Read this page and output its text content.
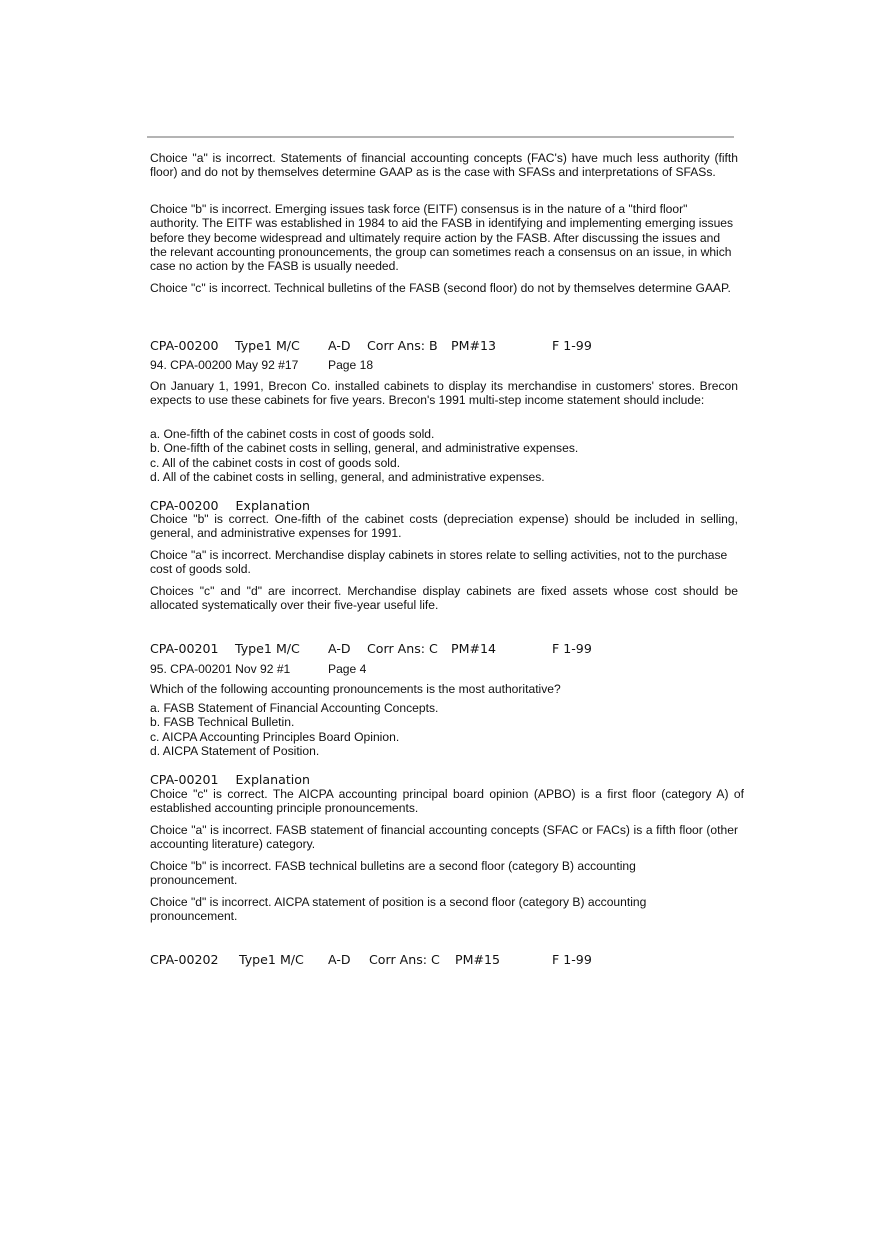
Choice "a" is incorrect. Statements of financial accounting concepts (FAC's) have much less authority (fifth floor) and do not by themselves determine GAAP as is the case with SFASs and interpretations of SFASs.
Choice "b" is incorrect. Emerging issues task force (EITF) consensus is in the nature of a "third floor" authority. The EITF was established in 1984 to aid the FASB in identifying and implementing emerging issues before they become widespread and ultimately require action by the FASB. After discussing the issues and the relevant accounting pronouncements, the group can sometimes reach a consensus on an issue, in which case no action by the FASB is usually needed.
Choice "c" is incorrect. Technical bulletins of the FASB (second floor) do not by themselves determine GAAP.
CPA-00200 Type1 M/C A-D Corr Ans: B PM#13	F 1-99
94. CPA-00200 May 92 #17 Page 18
On January 1, 1991, Brecon Co. installed cabinets to display its merchandise in customers' stores. Brecon expects to use these cabinets for five years. Brecon's 1991 multi-step income statement should include:
a. One-fifth of the cabinet costs in cost of goods sold.
b. One-fifth of the cabinet costs in selling, general, and administrative expenses.
c. All of the cabinet costs in cost of goods sold.
d. All of the cabinet costs in selling, general, and administrative expenses.
CPA-00200 Explanation
Choice "b" is correct. One-fifth of the cabinet costs (depreciation expense) should be included in selling, general, and administrative expenses for 1991.
Choice "a" is incorrect. Merchandise display cabinets in stores relate to selling activities, not to the purchase cost of goods sold.
Choices "c" and "d" are incorrect. Merchandise display cabinets are fixed assets whose cost should be allocated systematically over their five-year useful life.
CPA-00201 Type1 M/C A-D Corr Ans: C PM#14	F 1-99
95. CPA-00201 Nov 92 #1	Page 4
Which of the following accounting pronouncements is the most authoritative?
a. FASB Statement of Financial Accounting Concepts.
b. FASB Technical Bulletin.
c. AICPA Accounting Principles Board Opinion.
d. AICPA Statement of Position.
CPA-00201 Explanation
Choice "c" is correct. The AICPA accounting principal board opinion (APBO) is a first floor (category A) of established accounting principle pronouncements.
Choice "a" is incorrect. FASB statement of financial accounting concepts (SFAC or FACs) is a fifth floor (other accounting literature) category.
Choice "b" is incorrect. FASB technical bulletins are a second floor (category B) accounting pronouncement.
Choice "d" is incorrect. AICPA statement of position is a second floor (category B) accounting pronouncement.
CPA-00202 Type1 M/C A-D Corr Ans: C PM#15	F 1-99
